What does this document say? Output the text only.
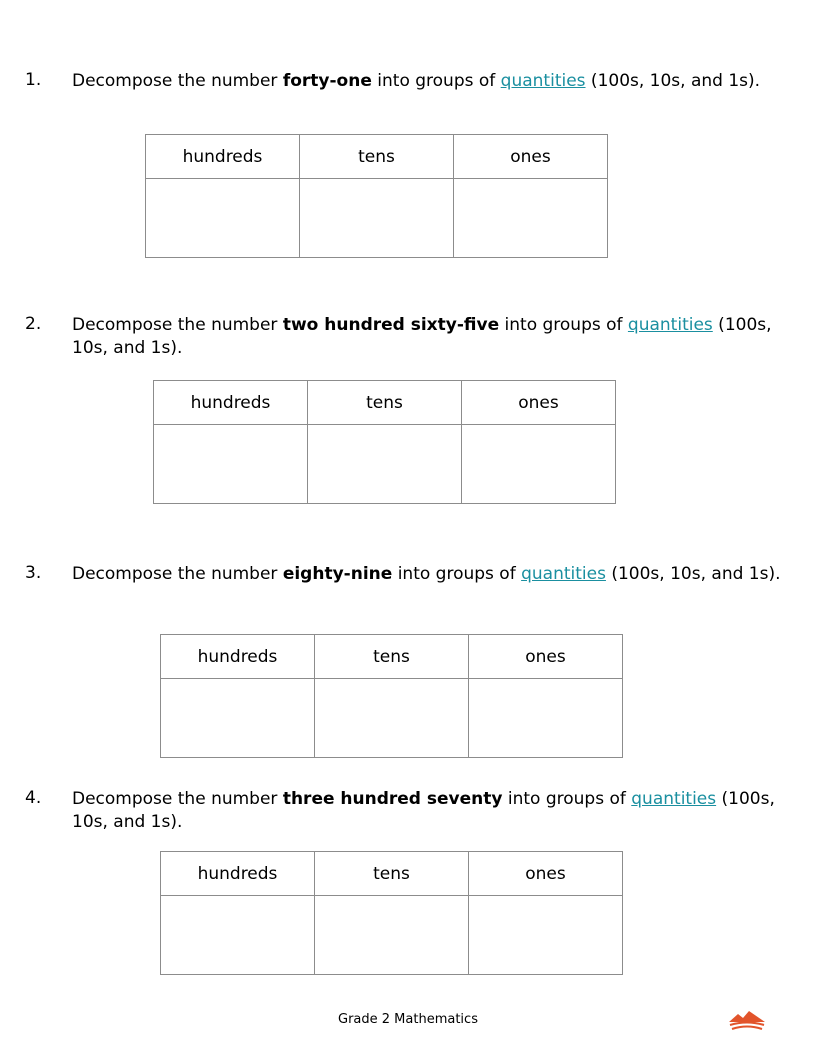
1. Decompose the number forty-one into groups of quantities (100s, 10s, and 1s).
hundreds	tens	ones

2. Decompose the number two hundred sixty-five into groups of quantities (100s, 10s, and 1s).
hundreds	tens	ones

3. Decompose the number eighty-nine into groups of quantities (100s, 10s, and 1s).
hundreds	tens	ones

4. Decompose the number three hundred seventy into groups of quantities (100s, 10s, and 1s).
hundreds	tens	ones

Grade 2 Mathematics
